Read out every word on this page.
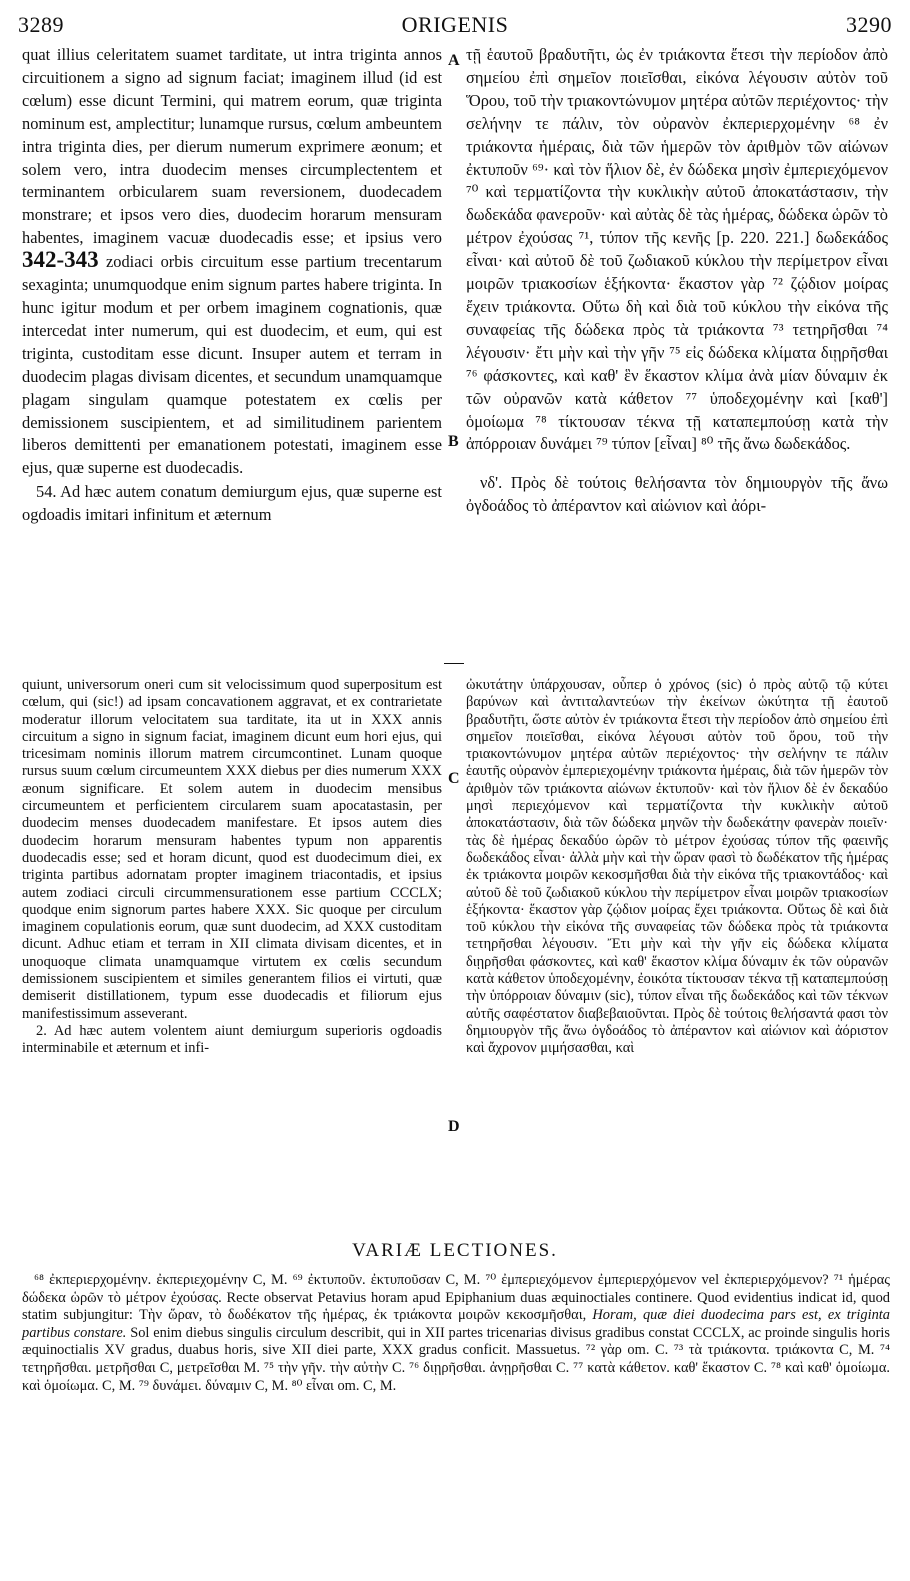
3289	ORIGENIS	3290

quat illius celeritatem suamet tarditate, ut intra triginta annos circuitionem a signo ad signum faciat; imaginem illud (id est cœlum) esse dicunt Termini, qui matrem eorum, quæ triginta nominum est, amplectitur; lunamque rursus, cœlum ambeuntem intra triginta dies, per dierum numerum exprimere æonum; et solem vero, intra duodecim menses circumplectentem et terminantem orbicularem suam reversionem, duodecadem monstrare; et ipsos vero dies, duodecim horarum mensuram habentes, imaginem vacuæ duodecadis esse; et ipsius vero 342-343 zodiaci orbis circuitum esse partium trecentarum sexaginta; unumquodque enim signum partes habere triginta. In hunc igitur modum et per orbem imaginem cognationis, quæ intercedat inter numerum, qui est duodecim, et eum, qui est triginta, custoditam esse dicunt. Insuper autem et terram in duodecim plagas divisam dicentes, et secundum unamquamque plagam singulam quamque potestatem ex cœlis per demissionem suscipientem, et ad similitudinem parientem liberos demittenti per emanationem potestati, imaginem esse ejus, quæ superne est duodecadis.

54. Ad hæc autem conatum demiurgum ejus, quæ superne est ogdoadis imitari infinitum et æternum

A
B

τῇ ἑαυτοῦ βραδυτῆτι, ὡς ἐν τριάκοντα ἔτεσι τὴν περίοδον ἀπὸ σημείου ἐπὶ σημεῖον ποιεῖσθαι, εἰκόνα λέγουσιν αὐτὸν τοῦ Ὅρου, τοῦ τὴν τριακοντώνυμον μητέρα αὐτῶν περιέχοντος· τὴν σελήνην τε πάλιν, τὸν οὐρανὸν ἐκπεριερχομένην ⁶⁸ ἐν τριάκοντα ἡμέραις, διὰ τῶν ἡμερῶν τὸν ἀριθμὸν τῶν αἰώνων ἐκτυποῦν ⁶⁹· καὶ τὸν ἥλιον δὲ, ἐν δώδεκα μησὶν ἐμπεριεχόμενον ⁷⁰ καὶ τερματίζοντα τὴν κυκλικὴν αὐτοῦ ἀποκατάστασιν, τὴν δωδεκάδα φανεροῦν· καὶ αὐτὰς δὲ τὰς ἡμέρας, δώδεκα ὡρῶν τὸ μέτρον ἐχούσας ⁷¹, τύπον τῆς κενῆς [p. 220. 221.] δωδεκάδος εἶναι· καὶ αὐτοῦ δὲ τοῦ ζωδιακοῦ κύκλου τὴν περίμετρον εἶναι μοιρῶν τριακοσίων ἑξήκοντα· ἕκαστον γὰρ ⁷² ζῴδιον μοίρας ἔχειν τριάκοντα. Οὕτω δὴ καὶ διὰ τοῦ κύκλου τὴν εἰκόνα τῆς συναφείας τῆς δώδεκα πρὸς τὰ τριάκοντα ⁷³ τετηρῆσθαι ⁷⁴ λέγουσιν· ἔτι μὴν καὶ τὴν γῆν ⁷⁵ εἰς δώδεκα κλίματα διῃρῆσθαι ⁷⁶ φάσκοντες, καὶ καθ' ἓν ἕκαστον κλίμα ἀνὰ μίαν δύναμιν ἐκ τῶν οὐρανῶν κατὰ κάθετον ⁷⁷ ὑποδεχομένην καὶ [καθ'] ὁμοίωμα ⁷⁸ τίκτουσαν τέκνα τῇ καταπεμπούσῃ κατὰ τὴν ἀπόρροιαν δυνάμει ⁷⁹ τύπον [εἶναι] ⁸⁰ τῆς ἄνω δωδεκάδος.

νδ'. Πρὸς δὲ τούτοις θελήσαντα τὸν δημιουργὸν τῆς ἄνω ὀγδοάδος τὸ ἀπέραντον καὶ αἰώνιον καὶ ἀόρι-

quiunt, universorum oneri cum sit velocissimum quod superpositum est cœlum, qui (sic!) ad ipsam concavationem aggravat, et ex contrarietate moderatur illorum velocitatem sua tarditate, ita ut in XXX annis circuitum a signo in signum faciat, imaginem dicunt eum hori ejus, qui tricesimam nominis illorum matrem circumcontinet. Lunam quoque rursus suum cœlum circumeuntem XXX diebus per dies numerum XXX æonum significare. Et solem autem in duodecim mensibus circumeuntem et perficientem circularem suam apocatastasin, per duodecim menses duodecadem manifestare. Et ipsos autem dies duodecim horarum mensuram habentes typum non apparentis duodecadis esse; sed et horam dicunt, quod est duodecimum diei, ex triginta partibus adornatam propter imaginem triacontadis, et ipsius autem zodiaci circuli circummensurationem esse partium CCCLX; quodque enim signorum partes habere XXX. Sic quoque per circulum imaginem copulationis eorum, quæ sunt duodecim, ad XXX custoditam dicunt. Adhuc etiam et terram in XII climata divisam dicentes, et in unoquoque climata unamquamque virtutem ex cœlis secundum demissionem suscipientem et similes generantem filios ei virtuti, quæ demiserit distillationem, typum esse duodecadis et filiorum ejus manifestissimum asseverant.

2. Ad hæc autem volentem aiunt demiurgum superioris ogdoadis interminabile et æternum et infi-

C
D

ὠκυτάτην ὑπάρχουσαν, οὗπερ ὁ χρόνος (sic) ὁ πρὸς αὐτῷ τῷ κύτει βαρύνων καὶ ἀντιταλαντεύων τὴν ἐκείνων ὠκύτητα τῇ ἑαυτοῦ βραδυτῆτι, ὥστε αὐτὸν ἐν τριάκοντα ἔτεσι τὴν περίοδον ἀπὸ σημείου ἐπὶ σημεῖον ποιεῖσθαι, εἰκόνα λέγουσι αὐτὸν τοῦ ὅρου, τοῦ τὴν τριακοντώνυμον μητέρα αὐτῶν περιέχοντος· τὴν σελήνην τε πάλιν ἑαυτῆς οὐρανὸν ἐμπεριεχομένην τριάκοντα ἡμέραις, διὰ τῶν ἡμερῶν τὸν ἀριθμὸν τῶν τριάκοντα αἰώνων ἐκτυποῦν· καὶ τὸν ἥλιον δὲ ἐν δεκαδύο μησὶ περιεχόμενον καὶ τερματίζοντα τὴν κυκλικὴν αὐτοῦ ἀποκατάστασιν, διὰ τῶν δώδεκα μηνῶν τὴν δωδεκάτην φανερὰν ποιεῖν· τὰς δὲ ἡμέρας δεκαδύο ὡρῶν τὸ μέτρον ἐχούσας τύπον τῆς φαεινῆς δωδεκάδος εἶναι· ἀλλὰ μὴν καὶ τὴν ὥραν φασὶ τὸ δωδέκατον τῆς ἡμέρας ἐκ τριάκοντα μοιρῶν κεκοσμῆσθαι διὰ τὴν εἰκόνα τῆς τριακοντάδος· καὶ αὐτοῦ δὲ τοῦ ζωδιακοῦ κύκλου τὴν περίμετρον εἶναι μοιρῶν τριακοσίων ἑξήκοντα· ἕκαστον γὰρ ζῴδιον μοίρας ἔχει τριάκοντα. Οὕτως δὲ καὶ διὰ τοῦ κύκλου τὴν εἰκόνα τῆς συναφείας τῶν δώδεκα πρὸς τὰ τριάκοντα τετηρῆσθαι λέγουσιν. Ἔτι μὴν καὶ τὴν γῆν εἰς δώδεκα κλίματα διῃρῆσθαι φάσκοντες, καὶ καθ' ἕκαστον κλίμα δύναμιν ἐκ τῶν οὐρανῶν κατὰ κάθετον ὑποδεχομένην, ἐοικότα τίκτουσαν τέκνα τῇ καταπεμπούσῃ τὴν ὑπόρροιαν δύναμιν (sic), τύπον εἶναι τῆς δωδεκάδος καὶ τῶν τέκνων αὐτῆς σαφέστατον διαβεβαιοῦνται. Πρὸς δὲ τούτοις θελήσαντά φασι τὸν δημιουργὸν τῆς ἄνω ὀγδοάδος τὸ ἀπέραντον καὶ αἰώνιον καὶ ἀόριστον καὶ ἄχρονον μιμήσασθαι, καὶ

VARIÆ LECTIONES.

⁶⁸ ἐκπεριερχομένην. ἐκπεριεχομένην C, M. ⁶⁹ ἐκτυποῦν. ἐκτυποῦσαν C, M. ⁷⁰ ἐμπεριεχόμενον ἐμπεριερχόμενον vel ἐκπεριερχόμενον? ⁷¹ ἡμέρας δώδεκα ὡρῶν τὸ μέτρον ἐχούσας. Recte observat Petavius horam apud Epiphanium duas æquinoctiales continere. Quod evidentius indicat id, quod statim subjungitur: Τὴν ὥραν, τὸ δωδέκατον τῆς ἡμέρας, ἐκ τριάκοντα μοιρῶν κεκοσμῆσθαι, Horam, quæ diei duodecima pars est, ex triginta partibus constare. Sol enim diebus singulis circulum describit, qui in XII partes tricenarias divisus gradibus constat CCCLX, ac proinde singulis horis æquinoctialis XV gradus, duabus horis, sive XII diei parte, XXX gradus conficit. Massuetus. ⁷² γὰρ om. C. ⁷³ τὰ τριάκοντα. τριάκοντα C, M. ⁷⁴ τετηρῆσθαι. μετρῆσθαι C, μετρεῖσθαι M. ⁷⁵ τὴν γῆν. τὴν αὐτὴν C. ⁷⁶ διῃρῆσθαι. ἀνῃρῆσθαι C. ⁷⁷ κατὰ κάθετον. καθ' ἕκαστον C. ⁷⁸ καὶ καθ' ὁμοίωμα. καὶ ὁμοίωμα. C, M. ⁷⁹ δυνάμει. δύναμιν C, M. ⁸⁰ εἶναι om. C, M.
